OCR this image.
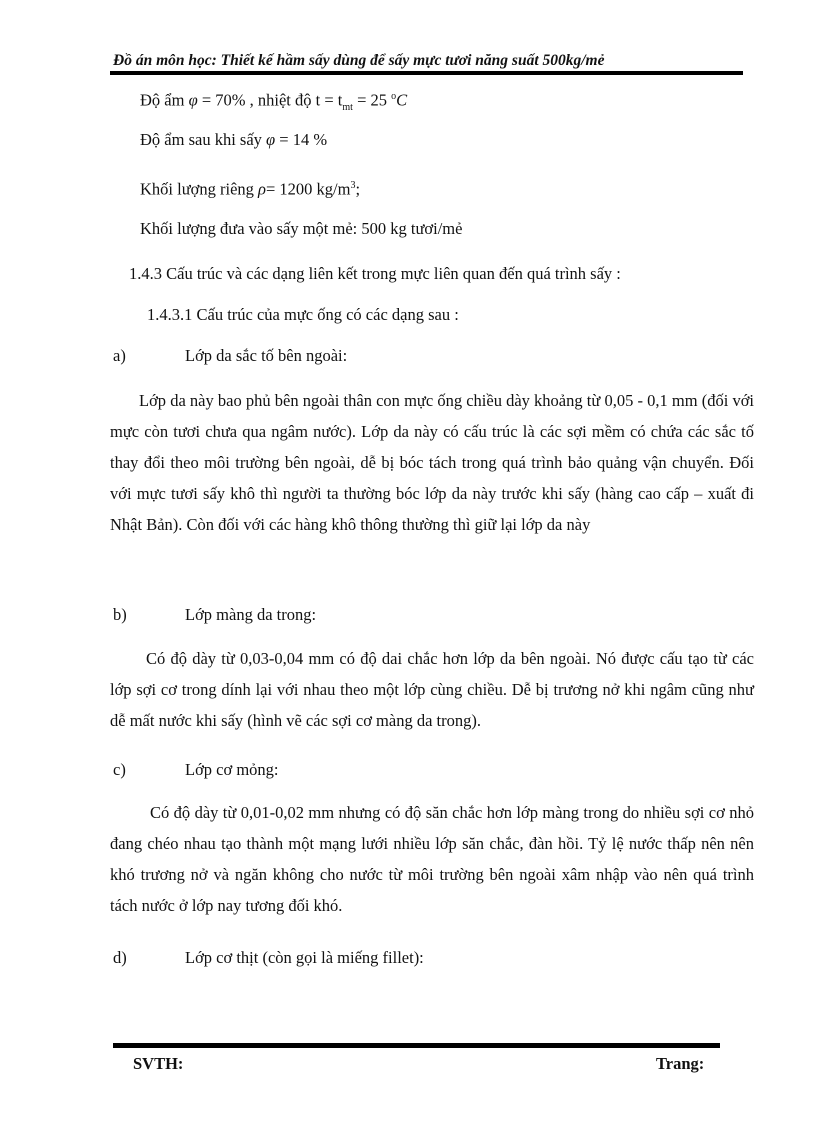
Đồ án môn học: Thiết kế hầm sấy dùng để sấy mực tươi năng suất 500kg/mẻ
Độ ẩm φ = 70% , nhiệt độ $t = t_{mt} = 25$ $^o$C
Độ ẩm sau khi sấy φ = 14 %
Khối lượng riêng ρ= 1200 $kg/m^3$;
Khối lượng đưa vào sấy một mẻ: 500 kg tươi/mẻ
1.4.3 Cấu trúc và các dạng liên kết trong mực liên quan đến quá trình sấy :
1.4.3.1 Cấu trúc của mực ống có các dạng sau :
a)	Lớp da sắc tố bên ngoài:
Lớp da này bao phủ bên ngoài thân con mực ống chiều dày khoảng từ 0,05 - 0,1 mm (đối với mực còn tươi chưa qua ngâm nước). Lớp da này có cấu trúc là các sợi mềm có chứa các sắc tố thay đổi theo môi trường bên ngoài, dễ bị bóc tách trong quá trình bảo quảng vận chuyển. Đối với mực tươi sấy khô thì người ta thường bóc lớp da này trước khi sấy (hàng cao cấp – xuất đi Nhật Bản). Còn đối với các hàng khô thông thường thì giữ lại lớp da này
b)	Lớp màng da trong:
Có độ dày từ 0,03-0,04 mm có độ dai chắc hơn lớp da bên ngoài. Nó được cấu tạo từ các lớp sợi cơ trong dính lại với nhau theo một lớp cùng chiều. Dễ bị trương nở khi ngâm cũng như dễ mất nước khi sấy (hình vẽ các sợi cơ màng da trong).
c)	Lớp cơ mỏng:
Có độ dày từ 0,01-0,02 mm nhưng có độ săn chắc hơn lớp màng trong do nhiều sợi cơ nhỏ đang chéo nhau tạo thành một mạng lưới nhiều lớp săn chắc, đàn hồi. Tỷ lệ nước thấp nên nên khó trương nở và ngăn không cho nước từ môi trường bên ngoài xâm nhập vào nên quá trình tách nước ở lớp nay tương đối khó.
d)	Lớp cơ thịt (còn gọi là miếng fillet):
SVTH:	Trang:
